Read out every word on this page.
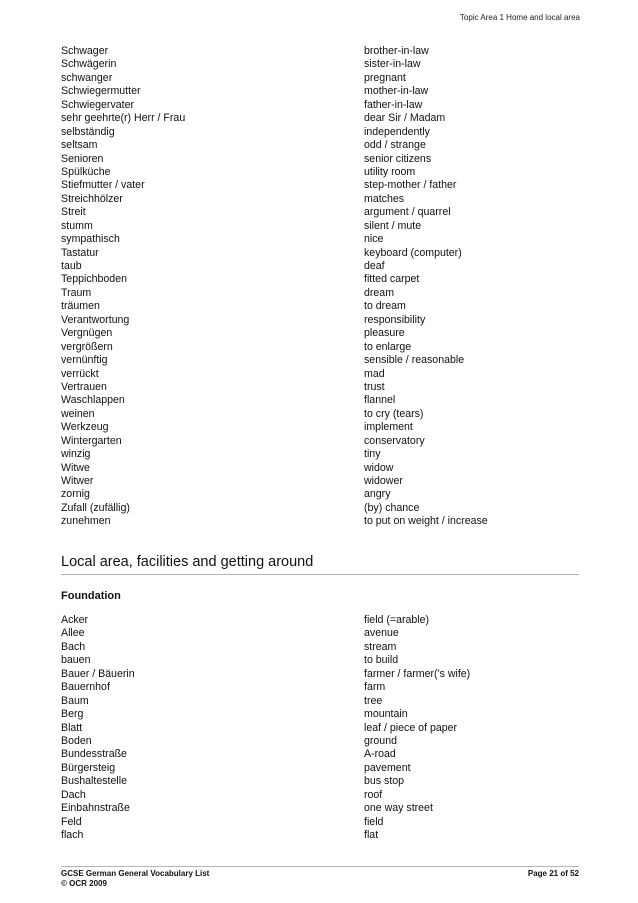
Topic Area 1 Home and local area
Schwager	brother-in-law
Schwägerin	sister-in-law
schwanger	pregnant
Schwiegermutter	mother-in-law
Schwiegervater	father-in-law
sehr geehrte(r) Herr / Frau	dear Sir / Madam
selbständig	independently
seltsam	odd / strange
Senioren	senior citizens
Spülküche	utility room
Stiefmutter / vater	step-mother / father
Streichhölzer	matches
Streit	argument / quarrel
stumm	silent / mute
sympathisch	nice
Tastatur	keyboard (computer)
taub	deaf
Teppichboden	fitted carpet
Traum	dream
träumen	to dream
Verantwortung	responsibility
Vergnügen	pleasure
vergrößern	to enlarge
vernünftig	sensible / reasonable
verrückt	mad
Vertrauen	trust
Waschlappen	flannel
weinen	to cry (tears)
Werkzeug	implement
Wintergarten	conservatory
winzig	tiny
Witwe	widow
Witwer	widower
zornig	angry
Zufall (zufällig)	(by) chance
zunehmen	to put on weight / increase
Local area, facilities and getting around
Foundation
Acker	field (=arable)
Allee	avenue
Bach	stream
bauen	to build
Bauer / Bäuerin	farmer / farmer('s wife)
Bauernhof	farm
Baum	tree
Berg	mountain
Blatt	leaf / piece of paper
Boden	ground
Bundesstraße	A-road
Bürgersteig	pavement
Bushaltestelle	bus stop
Dach	roof
Einbahnstraße	one way street
Feld	field
flach	flat
GCSE German General Vocabulary List	Page 21 of 52
© OCR 2009
